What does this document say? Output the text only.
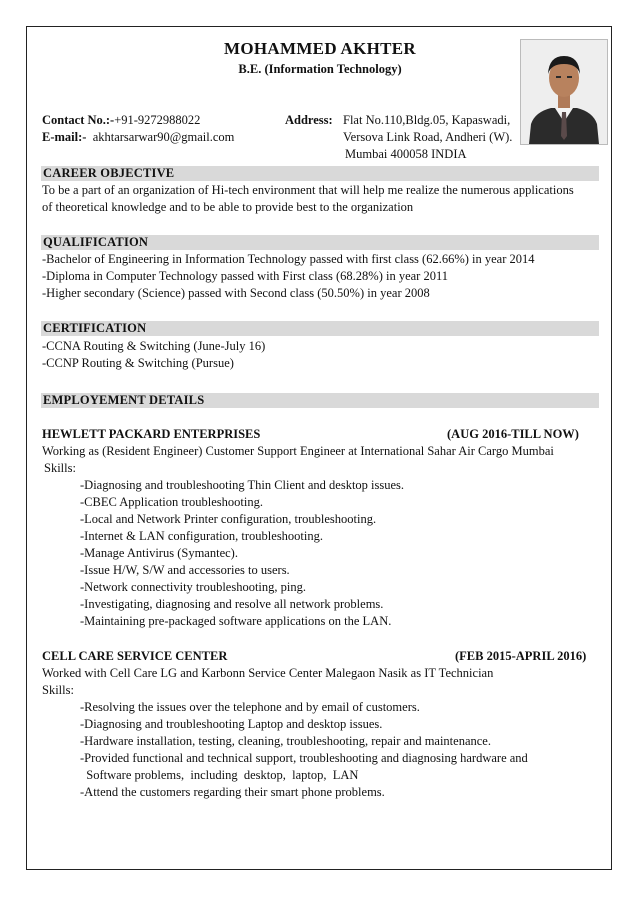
MOHAMMED AKHTER
B.E. (Information Technology)
Contact No.:-+91-9272988022
E-mail:- akhtarsarwar90@gmail.com
Address: Flat No.110,Bldg.05, Kapaswadi,
Versova Link Road, Andheri (W).
Mumbai 400058 INDIA
CAREER OBJECTIVE
To be a part of an organization of Hi-tech environment that will help me realize the numerous applications
of theoretical knowledge and to be able to provide best to the organization
QUALIFICATION
-Bachelor of Engineering in Information Technology passed with first class (62.66%) in year 2014
-Diploma in Computer Technology passed with First class (68.28%) in year 2011
-Higher secondary (Science) passed with Second class (50.50%) in year 2008
CERTIFICATION
-CCNA Routing & Switching (June-July 16)
-CCNP Routing & Switching (Pursue)
EMPLOYEMENT DETAILS
HEWLETT PACKARD ENTERPRISES	(AUG 2016-TILL NOW)
Working as (Resident Engineer) Customer Support Engineer at International Sahar Air Cargo Mumbai
Skills:
-Diagnosing and troubleshooting Thin Client and desktop issues.
-CBEC Application troubleshooting.
-Local and Network Printer configuration, troubleshooting.
-Internet & LAN configuration, troubleshooting.
-Manage Antivirus (Symantec).
-Issue H/W, S/W and accessories to users.
-Network connectivity troubleshooting, ping.
-Investigating, diagnosing and resolve all network problems.
-Maintaining pre-packaged software applications on the LAN.
CELL CARE SERVICE CENTER	(FEB 2015-APRIL 2016)
Worked with Cell Care LG and Karbonn Service Center Malegaon Nasik as IT Technician
Skills:
-Resolving the issues over the telephone and by email of customers.
-Diagnosing and troubleshooting Laptop and desktop issues.
-Hardware installation, testing, cleaning, troubleshooting, repair and maintenance.
-Provided functional and technical support, troubleshooting and diagnosing hardware and
Software problems,  including  desktop,  laptop,  LAN
-Attend the customers regarding their smart phone problems.
